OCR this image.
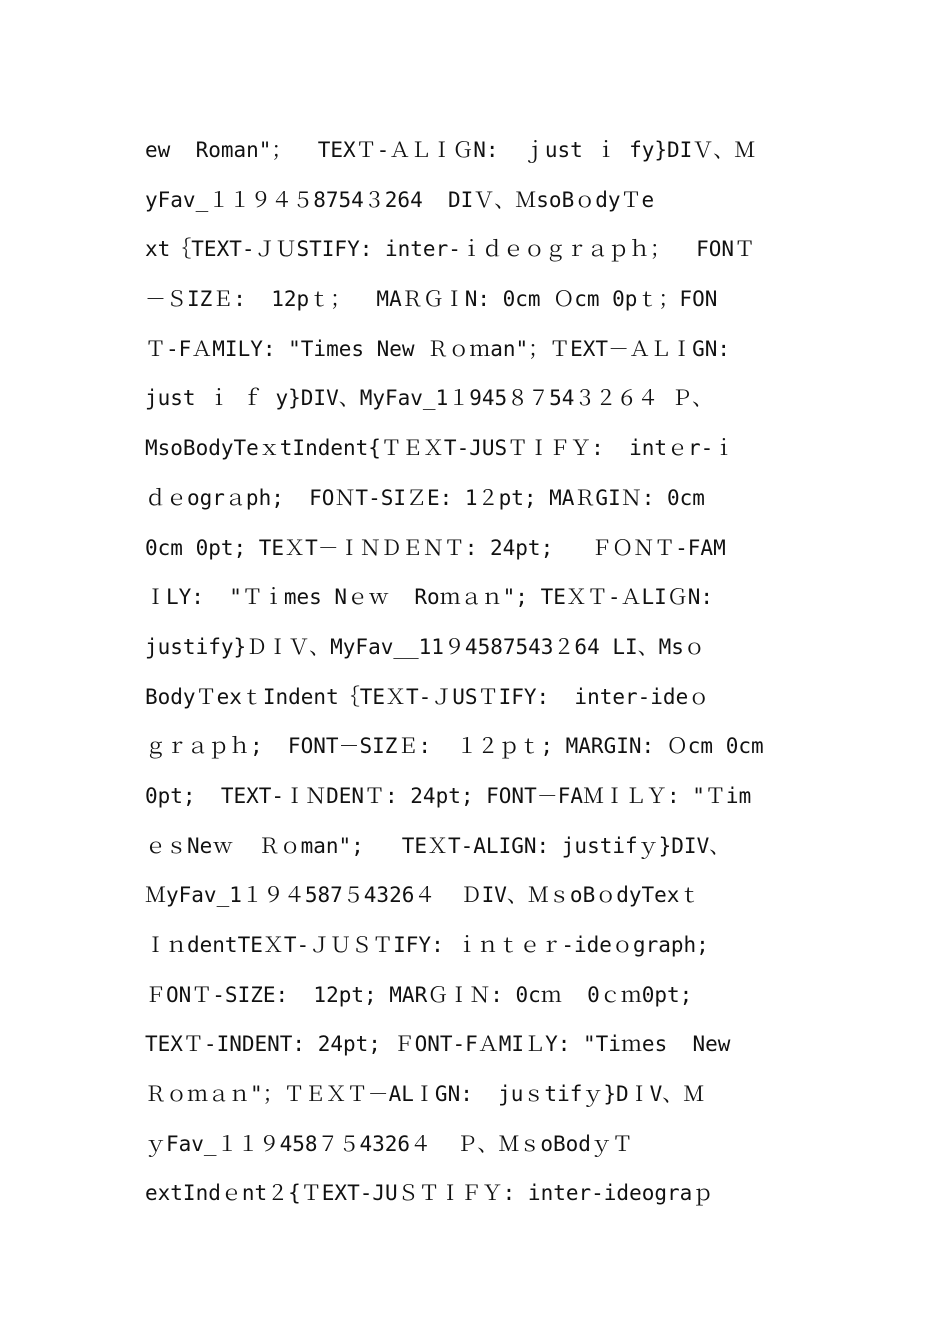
ew  Roman"；  TEXＴ-ＡＬＩＧN:  ｊust ｉ fy}DIＶ、Ｍ
yFav_１１９４５8754３264  DIＶ、ＭsoBｏdyＴe
xt｛TEXT-ＪＵSTIFY: inter-ｉｄｅｏｇｒａｐｈ；  FONＴ
－ＳIZＥ:  12pｔ；  MAＲＧＩN: 0cm Ｏcm 0pｔ；FON
Ｔ-FＡMILY: "Times New Ｒｏｍan"；ＴEXT－ＡＬＩGN:
just ｉ ｆ y}DIV、MyFav_1１945８７54３２６４ Ｐ、
MsoBodyTeｘtIndent{ＴＥＸT-JUSＴＩＦＹ:  intｅr-ｉ
ｄｅogrａph;  FOＮT-SIＺE: 1２pt; MAＲGIＮ: 0cm
0cm 0pt; TEＸT－ＩＮＤＥＮＴ: 24pt;   ＦＯＮＴ-FAM
ＩLY:  "Ｔｉmes Nｅｗ  Roｍａｎ"; TEＸＴ-ＡLIＧN:
justify}ＤＩＶ、MyFav__11９4587543２64 LI、Msｏ
BodyＴexｔIndent｛TEＸT-ＪUSＴIFY:  inter-ideｏ
ｇｒａｐｈ;  FONT－SIZＥ:  １２ｐｔ; MARGIN: Ｏcm 0cm
0pt;  TEXT-ＩＮDENＴ: 24pt; FONT－FAＭＩＬＹ: "Ｔim
ｅｓNeｗ  Ｒｏman";   TEＸT-ALIGN: justifｙ}DIV、
ＭyFav_1１９４587５4326４  ＤIV、ＭｓoBｏdyTexｔ
ＩｎdentTEＸT-ＪＵＳＴIFY: ｉｎｔｅｒ-ideｏgraph;
ＦONＴ-SIZE:  12pt; MARＧＩＮ: 0cｍ  0ｃｍ0pt;
TEXＴ-INDENT: 24pt; ＦONT-FＡMIＬY: "Tiｍes  New
Ｒｏｍａｎ"；ＴＥＸＴ－ALＩGN:  juｓtifｙ}DＩV、Ｍ
ｙFav_１１９458７５4326４  Ｐ、ＭｓoBodｙＴ
extIndｅnt２{ＴEXT-JUＳＴＩＦＹ: inter-ideograｐ
